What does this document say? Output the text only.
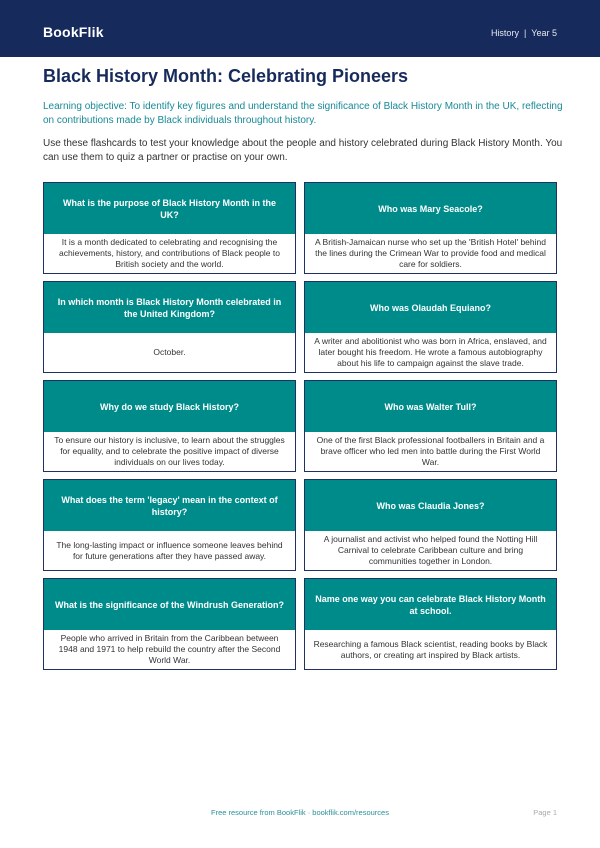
BookFlik	History | Year 5
Black History Month: Celebrating Pioneers

Learning objective: To identify key figures and understand the significance of Black History Month in the UK, reflecting on contributions made by Black individuals throughout history.

Use these flashcards to test your knowledge about the people and history celebrated during Black History Month. You can use them to quiz a partner or practise on your own.

What is the purpose of Black History Month in the UK?
It is a month dedicated to celebrating and recognising the achievements, history, and contributions of Black people to British society and the world.
Who was Mary Seacole?
A British-Jamaican nurse who set up the 'British Hotel' behind the lines during the Crimean War to provide food and medical care for soldiers.
In which month is Black History Month celebrated in the United Kingdom?
October.
Who was Olaudah Equiano?
A writer and abolitionist who was born in Africa, enslaved, and later bought his freedom. He wrote a famous autobiography about his life to campaign against the slave trade.
Why do we study Black History?
To ensure our history is inclusive, to learn about the struggles for equality, and to celebrate the positive impact of diverse individuals on our lives today.
Who was Walter Tull?
One of the first Black professional footballers in Britain and a brave officer who led men into battle during the First World War.
What does the term 'legacy' mean in the context of history?
The long-lasting impact or influence someone leaves behind for future generations after they have passed away.
Who was Claudia Jones?
A journalist and activist who helped found the Notting Hill Carnival to celebrate Caribbean culture and bring communities together in London.
What is the significance of the Windrush Generation?
People who arrived in Britain from the Caribbean between 1948 and 1971 to help rebuild the country after the Second World War.
Name one way you can celebrate Black History Month at school.
Researching a famous Black scientist, reading books by Black authors, or creating art inspired by Black artists.
Free resource from BookFlik · bookflik.com/resources	Page 1
